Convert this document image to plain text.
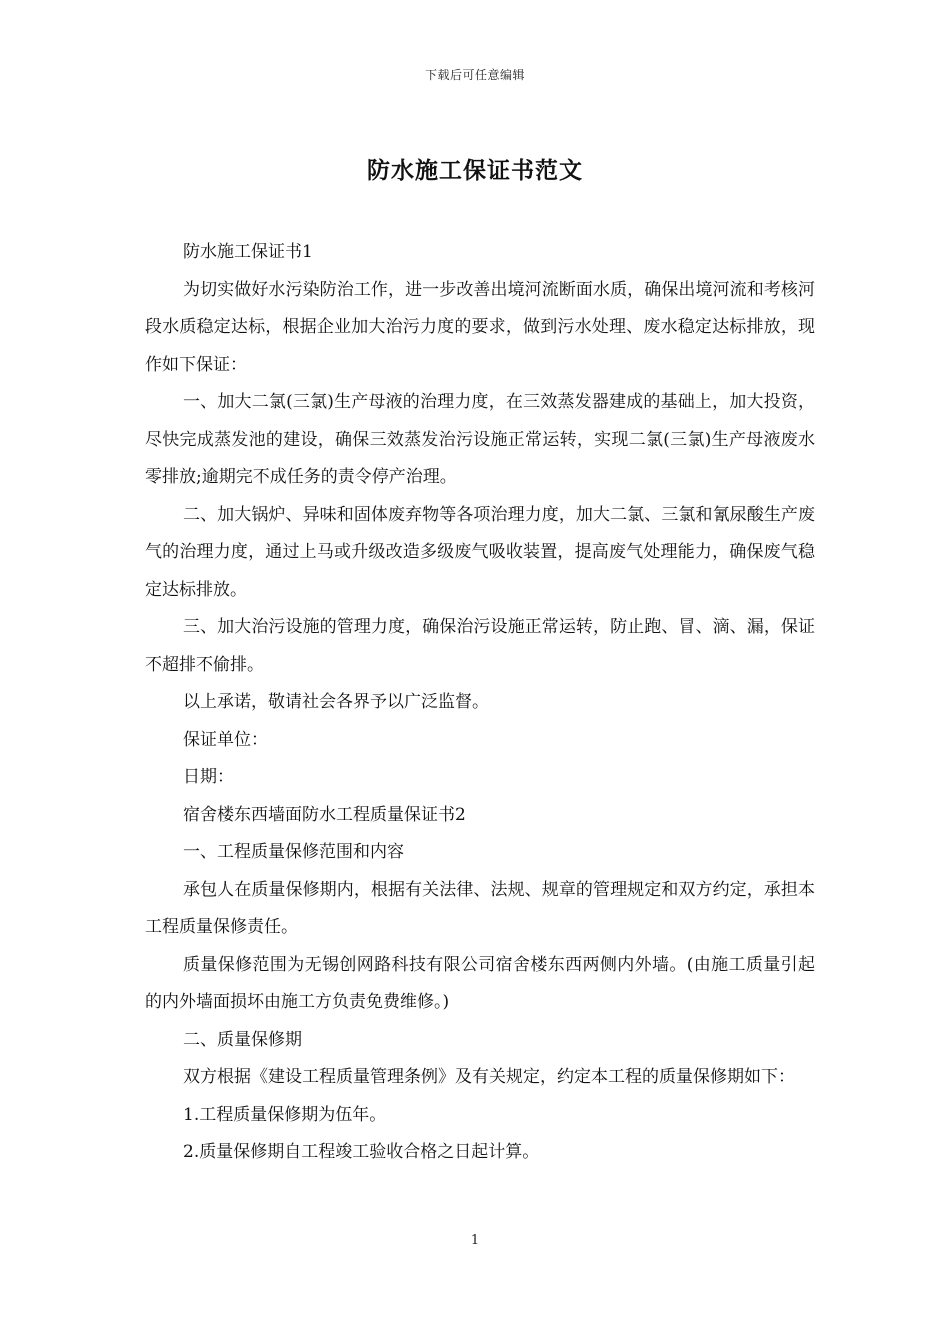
下载后可任意编辑
防水施工保证书范文

防水施工保证书1

为切实做好水污染防治工作，进一步改善出境河流断面水质，确保出境河流和考核河段水质稳定达标，根据企业加大治污力度的要求，做到污水处理、废水稳定达标排放，现作如下保证：

一、加大二氯(三氯)生产母液的治理力度，在三效蒸发器建成的基础上，加大投资，尽快完成蒸发池的建设，确保三效蒸发治污设施正常运转，实现二氯(三氯)生产母液废水零排放;逾期完不成任务的责令停产治理。

二、加大锅炉、异味和固体废弃物等各项治理力度，加大二氯、三氯和氰尿酸生产废气的治理力度，通过上马或升级改造多级废气吸收装置，提高废气处理能力，确保废气稳定达标排放。

三、加大治污设施的管理力度，确保治污设施正常运转，防止跑、冒、滴、漏，保证不超排不偷排。

以上承诺，敬请社会各界予以广泛监督。

保证单位：

日期：

宿舍楼东西墙面防水工程质量保证书2

一、工程质量保修范围和内容

承包人在质量保修期内，根据有关法律、法规、规章的管理规定和双方约定，承担本工程质量保修责任。

质量保修范围为无锡创网路科技有限公司宿舍楼东西两侧内外墙。(由施工质量引起的内外墙面损坏由施工方负责免费维修。)

二、质量保修期

双方根据《建设工程质量管理条例》及有关规定，约定本工程的质量保修期如下：

1.工程质量保修期为伍年。

2.质量保修期自工程竣工验收合格之日起计算。

1
